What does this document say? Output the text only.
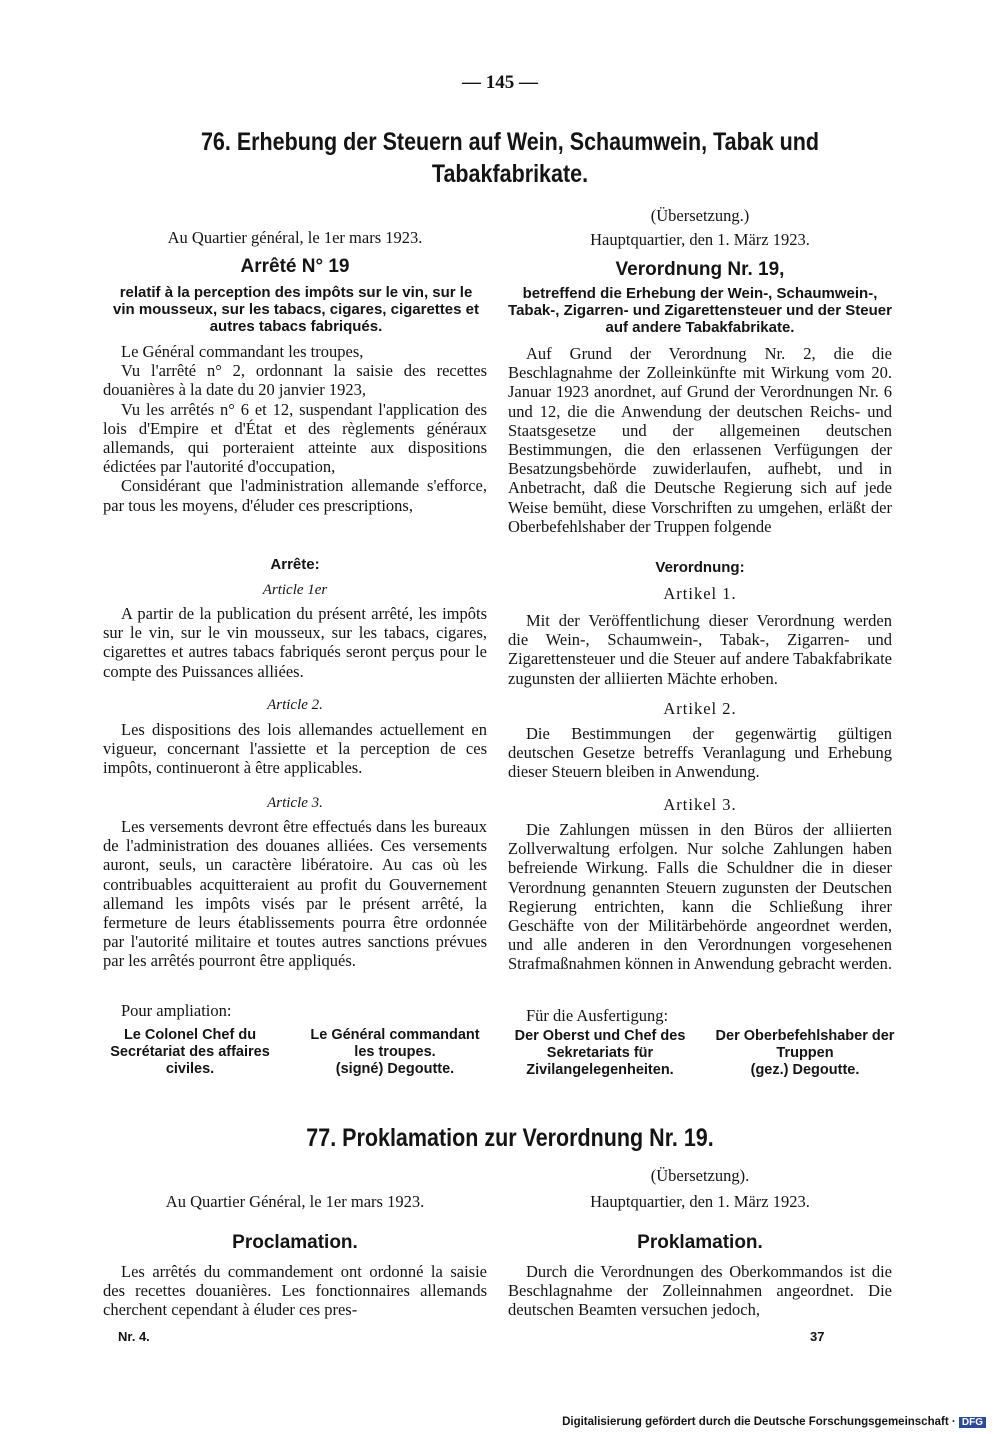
— 145 —
76. Erhebung der Steuern auf Wein, Schaumwein, Tabak und Tabakfabrikate.
Au Quartier général, le 1er mars 1923.
Arrêté N° 19
relatif à la perception des impôts sur le vin, sur le vin mousseux, sur les tabacs, cigares, cigarettes et autres tabacs fabriqués.

Le Général commandant les troupes,

Vu l'arrêté n° 2, ordonnant la saisie des recettes douanières à la date du 20 janvier 1923,

Vu les arrêtés n° 6 et 12, suspendant l'application des lois d'Empire et d'État et des règlements généraux allemands, qui porteraient atteinte aux dispositions édictées par l'autorité d'occupation,

Considérant que l'administration allemande s'efforce, par tous les moyens, d'éluder ces prescriptions,

Arrête:
Article 1er

A partir de la publication du présent arrêté, les impôts sur le vin, sur le vin mousseux, sur les tabacs, cigares, cigarettes et autres tabacs fabriqués seront perçus pour le compte des Puissances alliées.

Article 2.

Les dispositions des lois allemandes actuellement en vigueur, concernant l'assiette et la perception de ces impôts, continueront à être applicables.

Article 3.

Les versements devront être effectués dans les bureaux de l'administration des douanes alliées. Ces versements auront, seuls, un caractère libératoire. Au cas où les contribuables acquitteraient au profit du Gouvernement allemand les impôts visés par le présent arrêté, la fermeture de leurs établissements pourra être ordonnée par l'autorité militaire et toutes autres sanctions prévues par les arrêtés pourront être appliqués.

Pour ampliation:
Le Colonel Chef du Secrétariat des affaires civiles.
Le Général commandant les troupes.
(signé) Degoutte.
(Übersetzung.)
Hauptquartier, den 1. März 1923.
Verordnung Nr. 19,
betreffend die Erhebung der Wein-, Schaumwein-, Tabak-, Zigarren- und Zigarettensteuer und der Steuer auf andere Tabakfabrikate.

Auf Grund der Verordnung Nr. 2, die die Beschlagnahme der Zolleinkünfte mit Wirkung vom 20. Januar 1923 anordnet, auf Grund der Verordnungen Nr. 6 und 12, die die Anwendung der deutschen Reichs- und Staatsgesetze und der allgemeinen deutschen Bestimmungen, die den erlassenen Verfügungen der Besatzungsbehörde zuwiderlaufen, aufhebt, und in Anbetracht, daß die Deutsche Regierung sich auf jede Weise bemüht, diese Vorschriften zu umgehen, erläßt der Oberbefehlshaber der Truppen folgende

Verordnung:
Artikel 1.

Mit der Veröffentlichung dieser Verordnung werden die Wein-, Schaumwein-, Tabak-, Zigarren- und Zigarettensteuer und die Steuer auf andere Tabakfabrikate zugunsten der alliierten Mächte erhoben.

Artikel 2.

Die Bestimmungen der gegenwärtig gültigen deutschen Gesetze betreffs Veranlagung und Erhebung dieser Steuern bleiben in Anwendung.

Artikel 3.

Die Zahlungen müssen in den Büros der alliierten Zollverwaltung erfolgen. Nur solche Zahlungen haben befreiende Wirkung. Falls die Schuldner die in dieser Verordnung genannten Steuern zugunsten der Deutschen Regierung entrichten, kann die Schließung ihrer Geschäfte von der Militärbehörde angeordnet werden, und alle anderen in den Verordnungen vorgesehenen Strafmaßnahmen können in Anwendung gebracht werden.

Für die Ausfertigung:
Der Oberst und Chef des Sekretariats für Zivilangelegenheiten.
Der Oberbefehlshaber der Truppen
(gez.) Degoutte.
77. Proklamation zur Verordnung Nr. 19.
(Übersetzung).
Au Quartier Général, le 1er mars 1923.	Hauptquartier, den 1. März 1923.
Proclamation.	Proklamation.

Les arrêtés du commandement ont ordonné la saisie des recettes douanières. Les fonctionnaires allemands cherchent cependant à éluder ces pres-

Durch die Verordnungen des Oberkommandos ist die Beschlagnahme der Zolleinnahmen angeordnet. Die deutschen Beamten versuchen jedoch,

Nr. 4.	37
Digitalisierung gefördert durch die Deutsche Forschungsgemeinschaft · DFG
